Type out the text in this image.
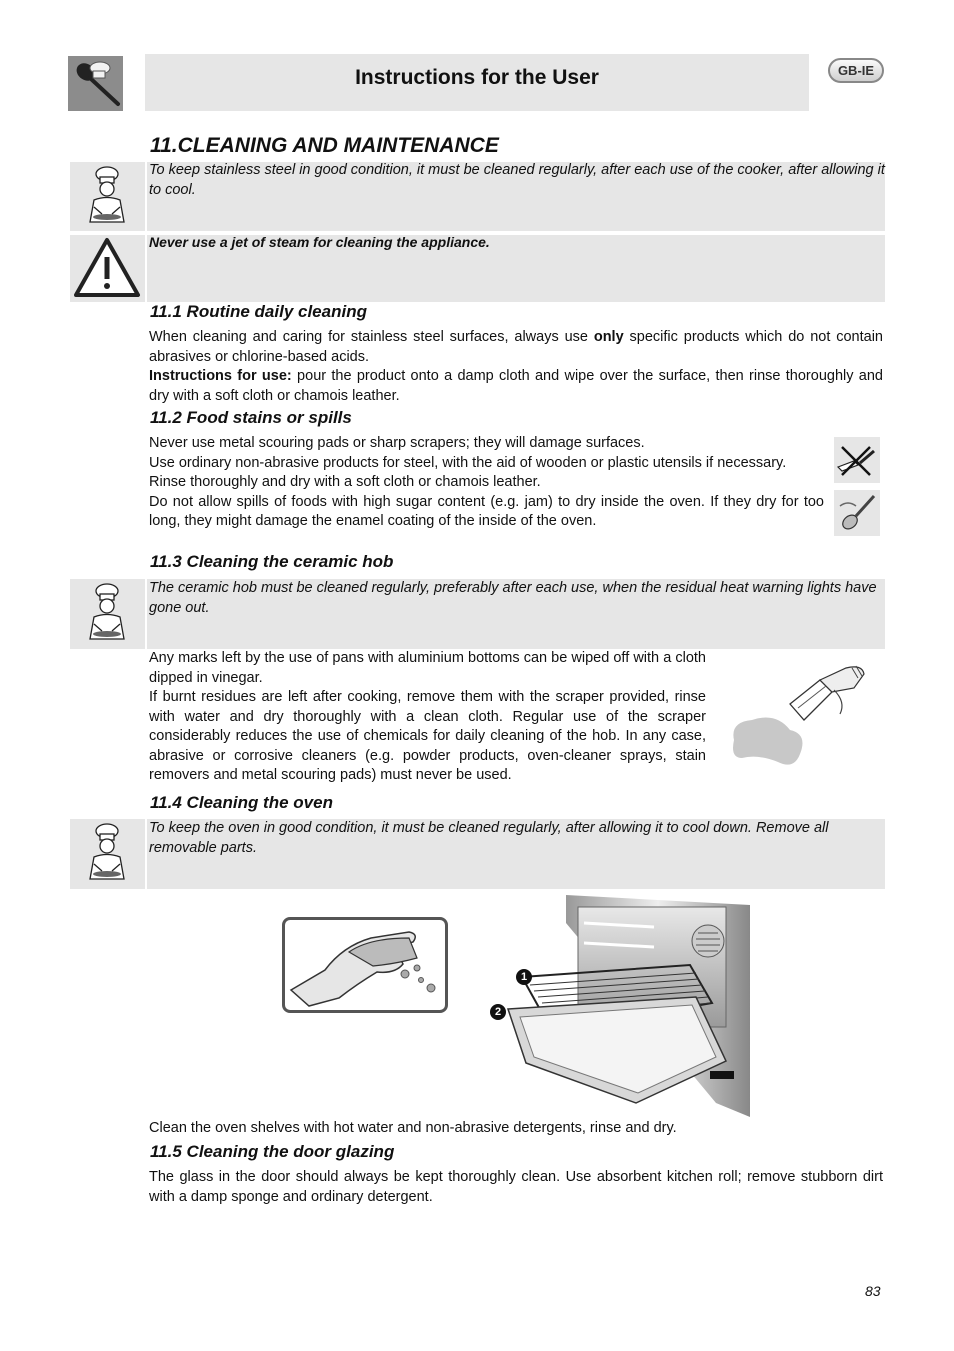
Instructions for the User	GB-IE
11.CLEANING AND MAINTENANCE
To keep stainless steel in good condition, it must be cleaned regularly, after each use of the cooker, after allowing it to cool.
Never use a jet of steam for cleaning the appliance.
11.1 Routine daily cleaning

When cleaning and caring for stainless steel surfaces, always use only specific products which do not contain abrasives or chlorine-based acids.

Instructions for use: pour the product onto a damp cloth and wipe over the surface, then rinse thoroughly and dry with a soft cloth or chamois leather.

11.2 Food stains or spills

Never use metal scouring pads or sharp scrapers; they will damage surfaces.

Use ordinary non-abrasive products for steel, with the aid of wooden or plastic utensils if necessary.

Rinse thoroughly and dry with a soft cloth or chamois leather.

Do not allow spills of foods with high sugar content (e.g. jam) to dry inside the oven. If they dry for too long, they might damage the enamel coating of the inside of the oven.

11.3 Cleaning the ceramic hob
The ceramic hob must be cleaned regularly, preferably after each use, when the residual heat warning lights have gone out.

Any marks left by the use of pans with aluminium bottoms can be wiped off with a cloth dipped in vinegar.

If burnt residues are left after cooking, remove them with the scraper provided, rinse with water and dry thoroughly with a clean cloth. Regular use of the scraper considerably reduces the use of chemicals for daily cleaning of the hob. In any case, abrasive or corrosive cleaners (e.g. powder products, oven-cleaner sprays, stain removers and metal scouring pads) must never be used.

11.4 Cleaning the oven
To keep the oven in good condition, it must be cleaned regularly, after allowing it to cool down. Remove all removable parts.
1
2
Clean the oven shelves with hot water and non-abrasive detergents, rinse and dry.
11.5 Cleaning the door glazing
The glass in the door should always be kept thoroughly clean. Use absorbent kitchen roll; remove stubborn dirt with a damp sponge and ordinary detergent.
83
